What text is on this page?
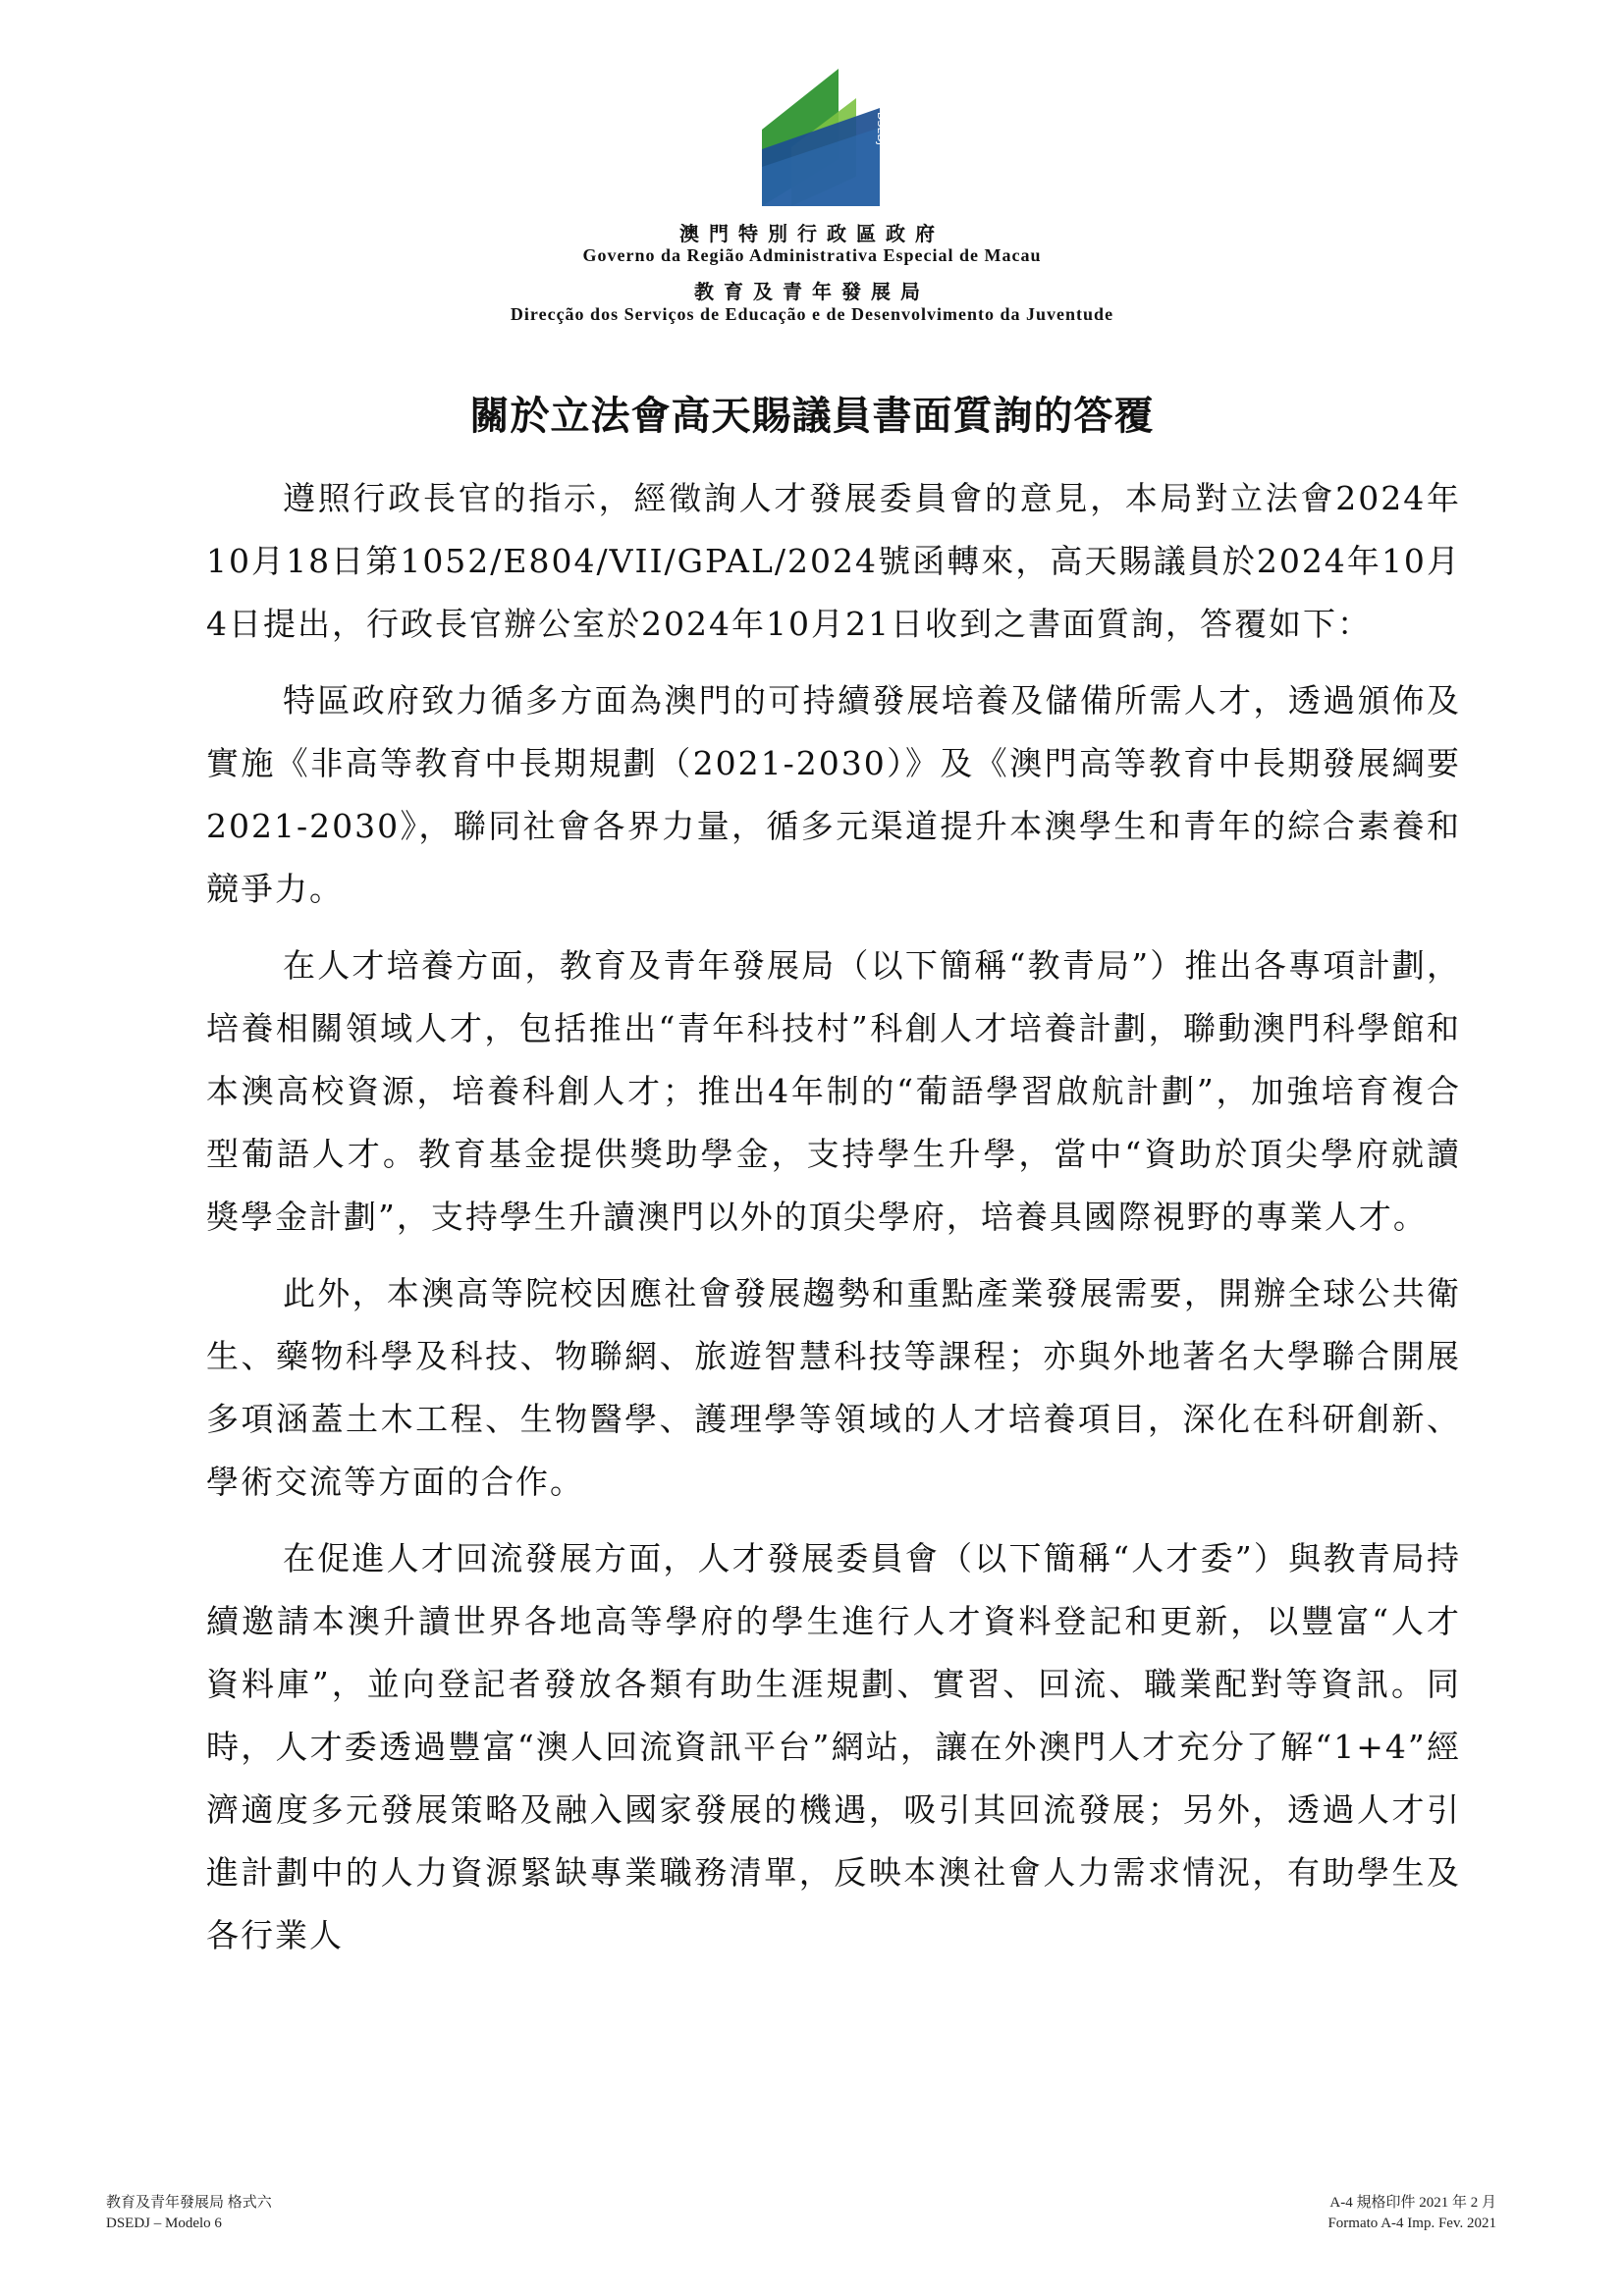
DSEDJ

澳門特別行政區政府

Governo da Região Administrativa Especial de Macau

教育及青年發展局

Direcção dos Serviços de Educação e de Desenvolvimento da Juventude

關於立法會高天賜議員書面質詢的答覆

遵照行政長官的指示，經徵詢人才發展委員會的意見，本局對立法會2024年10月18日第1052/E804/VII/GPAL/2024號函轉來，高天賜議員於2024年10月4日提出，行政長官辦公室於2024年10月21日收到之書面質詢，答覆如下：

特區政府致力循多方面為澳門的可持續發展培養及儲備所需人才，透過頒佈及實施《非高等教育中長期規劃（2021-2030）》及《澳門高等教育中長期發展綱要2021-2030》，聯同社會各界力量，循多元渠道提升本澳學生和青年的綜合素養和競爭力。

在人才培養方面，教育及青年發展局（以下簡稱“教青局”）推出各專項計劃，培養相關領域人才，包括推出“青年科技村”科創人才培養計劃，聯動澳門科學館和本澳高校資源，培養科創人才；推出4年制的“葡語學習啟航計劃”，加強培育複合型葡語人才。教育基金提供獎助學金，支持學生升學，當中“資助於頂尖學府就讀獎學金計劃”，支持學生升讀澳門以外的頂尖學府，培養具國際視野的專業人才。

此外，本澳高等院校因應社會發展趨勢和重點產業發展需要，開辦全球公共衛生、藥物科學及科技、物聯網、旅遊智慧科技等課程；亦與外地著名大學聯合開展多項涵蓋土木工程、生物醫學、護理學等領域的人才培養項目，深化在科研創新、學術交流等方面的合作。

在促進人才回流發展方面，人才發展委員會（以下簡稱“人才委”）與教青局持續邀請本澳升讀世界各地高等學府的學生進行人才資料登記和更新，以豐富“人才資料庫”，並向登記者發放各類有助生涯規劃、實習、回流、職業配對等資訊。同時，人才委透過豐富“澳人回流資訊平台”網站，讓在外澳門人才充分了解“1+4”經濟適度多元發展策略及融入國家發展的機遇，吸引其回流發展；另外，透過人才引進計劃中的人力資源緊缺專業職務清單，反映本澳社會人力需求情況，有助學生及各行業人

教育及青年發展局 格式六
DSEDJ – Modelo 6
A-4 規格印件 2021 年 2 月
Formato A-4 Imp. Fev. 2021
